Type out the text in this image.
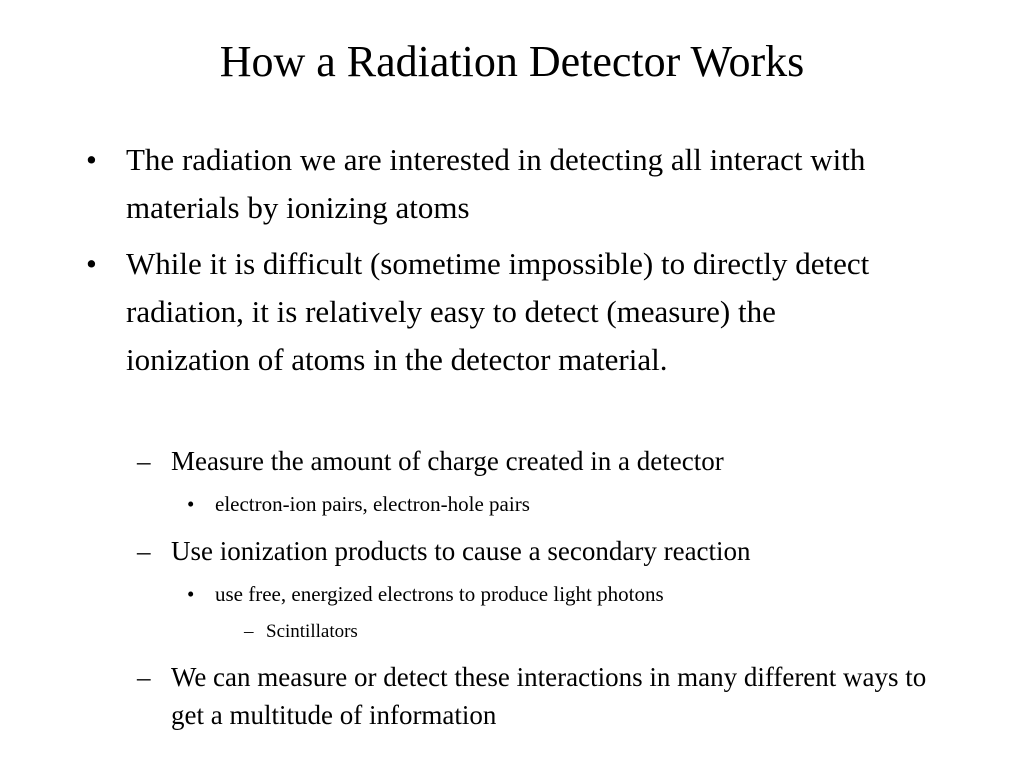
How a Radiation Detector Works

• The radiation we are interested in detecting all interact with materials by ionizing atoms

• While it is difficult (sometime impossible) to directly detect radiation, it is relatively easy to detect (measure) the ionization of atoms in the detector material.

– Measure the amount of charge created in a detector

• electron-ion pairs, electron-hole pairs

– Use ionization products to cause a secondary reaction

• use free, energized electrons to produce light photons

– Scintillators

– We can measure or detect these interactions in many different ways to get a multitude of information
